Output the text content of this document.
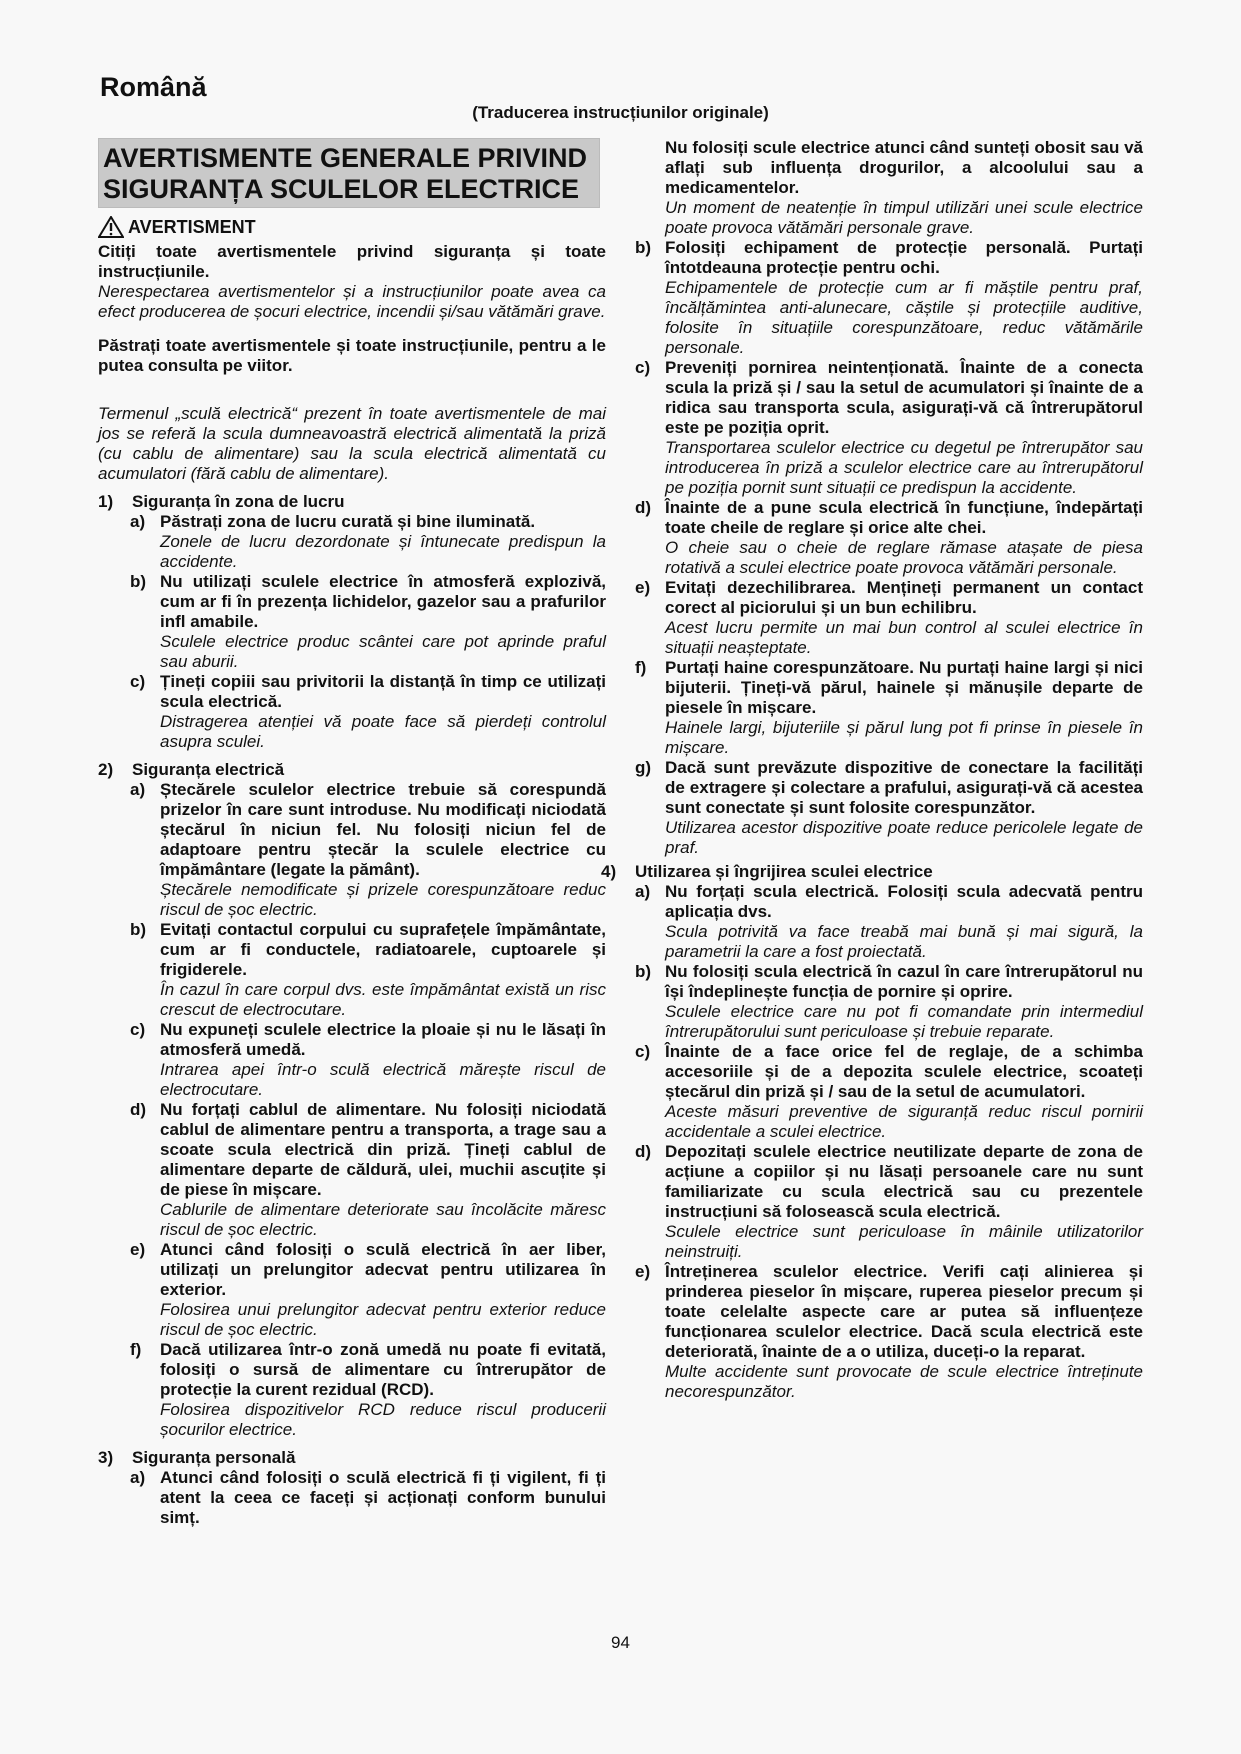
Română
(Traducerea instrucțiunilor originale)
AVERTISMENTE GENERALE PRIVIND SIGURANȚA SCULELOR ELECTRICE
AVERTISMENT
Citiți toate avertismentele privind siguranța și toate instrucțiunile.
Nerespectarea avertismentelor și a instrucțiunilor poate avea ca efect producerea de șocuri electrice, incendii și/sau vătămări grave.
Păstrați toate avertismentele și toate instrucțiunile, pentru a le putea consulta pe viitor.
Termenul „sculă electrică“ prezent în toate avertismentele de mai jos se referă la scula dumneavoastră electrică alimentată la priză (cu cablu de alimentare) sau la scula electrică alimentată cu acumulatori (fără cablu de alimentare).
1)	Siguranța în zona de lucru
a) Păstrați zona de lucru curată și bine iluminată.
Zonele de lucru dezordonate și întunecate predispun la accidente.
b) Nu utilizați sculele electrice în atmosferă explozivă, cum ar fi în prezența lichidelor, gazelor sau a prafurilor infl amabile.
Sculele electrice produc scântei care pot aprinde praful sau aburii.
c) Țineți copiii sau privitorii la distanță în timp ce utilizați scula electrică.
Distragerea atenției vă poate face să pierdeți controlul asupra sculei.
2)	Siguranța electrică
a) Ștecărele sculelor electrice trebuie să corespundă prizelor în care sunt introduse. Nu modificați niciodată ștecărul în niciun fel. Nu folosiți niciun fel de adaptoare pentru ștecăr la sculele electrice cu împământare (legate la pământ).
Ștecărele nemodificate și prizele corespunzătoare reduc riscul de șoc electric.
b) Evitați contactul corpului cu suprafețele împământate, cum ar fi conductele, radiatoarele, cuptoarele și frigiderele.
În cazul în care corpul dvs. este împământat există un risc crescut de electrocutare.
c) Nu expuneți sculele electrice la ploaie și nu le lăsați în atmosferă umedă.
Intrarea apei într-o sculă electrică mărește riscul de electrocutare.
d) Nu forțați cablul de alimentare. Nu folosiți niciodată cablul de alimentare pentru a transporta, a trage sau a scoate scula electrică din priză. Țineți cablul de alimentare departe de căldură, ulei, muchii ascuțite și de piese în mișcare.
Cablurile de alimentare deteriorate sau încolăcite măresc riscul de șoc electric.
e) Atunci când folosiți o sculă electrică în aer liber, utilizați un prelungitor adecvat pentru utilizarea în exterior.
Folosirea unui prelungitor adecvat pentru exterior reduce riscul de șoc electric.
f)	Dacă utilizarea într-o zonă umedă nu poate fi evitată, folosiți o sursă de alimentare cu întrerupător de protecție la curent rezidual (RCD).
Folosirea dispozitivelor RCD reduce riscul producerii șocurilor electrice.
3)	Siguranța personală
a) Atunci când folosiți o sculă electrică fi ți vigilent, fi ți atent la ceea ce faceți și acționați conform bunului simț.
Nu folosiți scule electrice atunci când sunteți obosit sau vă aflați sub influența drogurilor, a alcoolului sau a medicamentelor.
Un moment de neatenție în timpul utilizări unei scule electrice poate provoca vătămări personale grave.
b) Folosiți echipament de protecție personală. Purtați întotdeauna protecție pentru ochi.
Echipamentele de protecție cum ar fi măștile pentru praf, încălțămintea anti-alunecare, căștile și protecțiile auditive, folosite în situațiile corespunzătoare, reduc vătămările personale.
c) Preveniți pornirea neintenționată. Înainte de a conecta scula la priză și / sau la setul de acumulatori și înainte de a ridica sau transporta scula, asigurați-vă că întrerupătorul este pe poziția oprit.
Transportarea sculelor electrice cu degetul pe întrerupător sau introducerea în priză a sculelor electrice care au întrerupătorul pe poziția pornit sunt situații ce predispun la accidente.
d) Înainte de a pune scula electrică în funcțiune, îndepărtați toate cheile de reglare și orice alte chei.
O cheie sau o cheie de reglare rămase atașate de piesa rotativă a sculei electrice poate provoca vătămări personale.
e) Evitați dezechilibrarea. Mențineți permanent un contact corect al piciorului și un bun echilibru.
Acest lucru permite un mai bun control al sculei electrice în situații neașteptate.
f)	Purtați haine corespunzătoare. Nu purtați haine largi și nici bijuterii. Țineți-vă părul, hainele și mănușile departe de piesele în mișcare.
Hainele largi, bijuteriile și părul lung pot fi prinse în piesele în mișcare.
g) Dacă sunt prevăzute dispozitive de conectare la facilități de extragere și colectare a prafului, asigurați-vă că acestea sunt conectate și sunt folosite corespunzător.
Utilizarea acestor dispozitive poate reduce pericolele legate de praf.
4)	Utilizarea și îngrijirea sculei electrice
a) Nu forțați scula electrică. Folosiți scula adecvată pentru aplicația dvs.
Scula potrivită va face treabă mai bună și mai sigură, la parametrii la care a fost proiectată.
b) Nu folosiți scula electrică în cazul în care întrerupătorul nu își îndeplinește funcția de pornire și oprire.
Sculele electrice care nu pot fi comandate prin intermediul întrerupătorului sunt periculoase și trebuie reparate.
c) Înainte de a face orice fel de reglaje, de a schimba accesoriile și de a depozita sculele electrice, scoateți ștecărul din priză și / sau de la setul de acumulatori.
Aceste măsuri preventive de siguranță reduc riscul pornirii accidentale a sculei electrice.
d) Depozitați sculele electrice neutilizate departe de zona de acțiune a copiilor și nu lăsați persoanele care nu sunt familiarizate cu scula electrică sau cu prezentele instrucțiuni să folosească scula electrică.
Sculele electrice sunt periculoase în mâinile utilizatorilor neinstruiți.
e) Întreținerea sculelor electrice. Verifi cați alinierea și prinderea pieselor în mișcare, ruperea pieselor precum și toate celelalte aspecte care ar putea să influențeze funcționarea sculelor electrice. Dacă scula electrică este deteriorată, înainte de a o utiliza, duceți-o la reparat.
Multe accidente sunt provocate de scule electrice întreținute necorespunzător.
94
